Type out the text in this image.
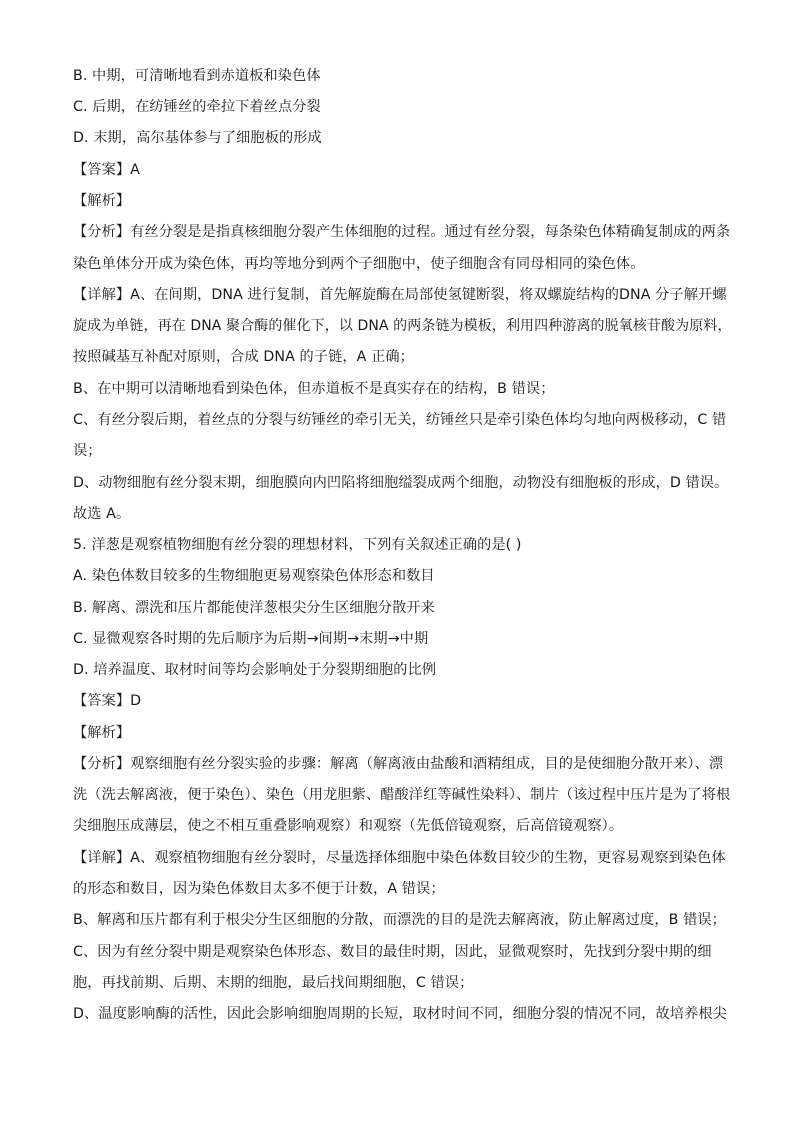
B. 中期，可清晰地看到赤道板和染色体
C. 后期，在纺锤丝的牵拉下着丝点分裂
D. 末期，高尔基体参与了细胞板的形成
【答案】A
【解析】
【分析】有丝分裂是是指真核细胞分裂产生体细胞的过程。通过有丝分裂，每条染色体精确复制成的两条
染色单体分开成为染色体，再均等地分到两个子细胞中，使子细胞含有同母相同的染色体。
【详解】A、在间期，DNA 进行复制，首先解旋酶在局部使氢键断裂，将双螺旋结构的DNA 分子解开螺
旋成为单链，再在 DNA 聚合酶的催化下，以 DNA 的两条链为模板，利用四种游离的脱氧核苷酸为原料，
按照碱基互补配对原则，合成 DNA 的子链，A 正确；
B、在中期可以清晰地看到染色体，但赤道板不是真实存在的结构，B 错误；
C、有丝分裂后期，着丝点的分裂与纺锤丝的牵引无关，纺锤丝只是牵引染色体均匀地向两极移动，C 错
误；
D、动物细胞有丝分裂末期，细胞膜向内凹陷将细胞缢裂成两个细胞，动物没有细胞板的形成，D 错误。
故选 A。
5. 洋葱是观察植物细胞有丝分裂的理想材料，下列有关叙述正确的是( )
A. 染色体数目较多的生物细胞更易观察染色体形态和数目
B. 解离、漂洗和压片都能使洋葱根尖分生区细胞分散开来
C. 显微观察各时期的先后顺序为后期→间期→末期→中期
D. 培养温度、取材时间等均会影响处于分裂期细胞的比例
【答案】D
【解析】
【分析】观察细胞有丝分裂实验的步骤：解离（解离液由盐酸和酒精组成，目的是使细胞分散开来）、漂
洗（洗去解离液，便于染色）、染色（用龙胆紫、醋酸洋红等碱性染料）、制片（该过程中压片是为了将根
尖细胞压成薄层，使之不相互重叠影响观察）和观察（先低倍镜观察，后高倍镜观察）。
【详解】A、观察植物细胞有丝分裂时，尽量选择体细胞中染色体数目较少的生物，更容易观察到染色体
的形态和数目，因为染色体数目太多不便于计数，A 错误；
B、解离和压片都有利于根尖分生区细胞的分散，而漂洗的目的是洗去解离液，防止解离过度，B 错误；
C、因为有丝分裂中期是观察染色体形态、数目的最佳时期，因此，显微观察时，先找到分裂中期的细
胞，再找前期、后期、末期的细胞，最后找间期细胞，C 错误；
D、温度影响酶的活性，因此会影响细胞周期的长短，取材时间不同，细胞分裂的情况不同，故培养根尖
